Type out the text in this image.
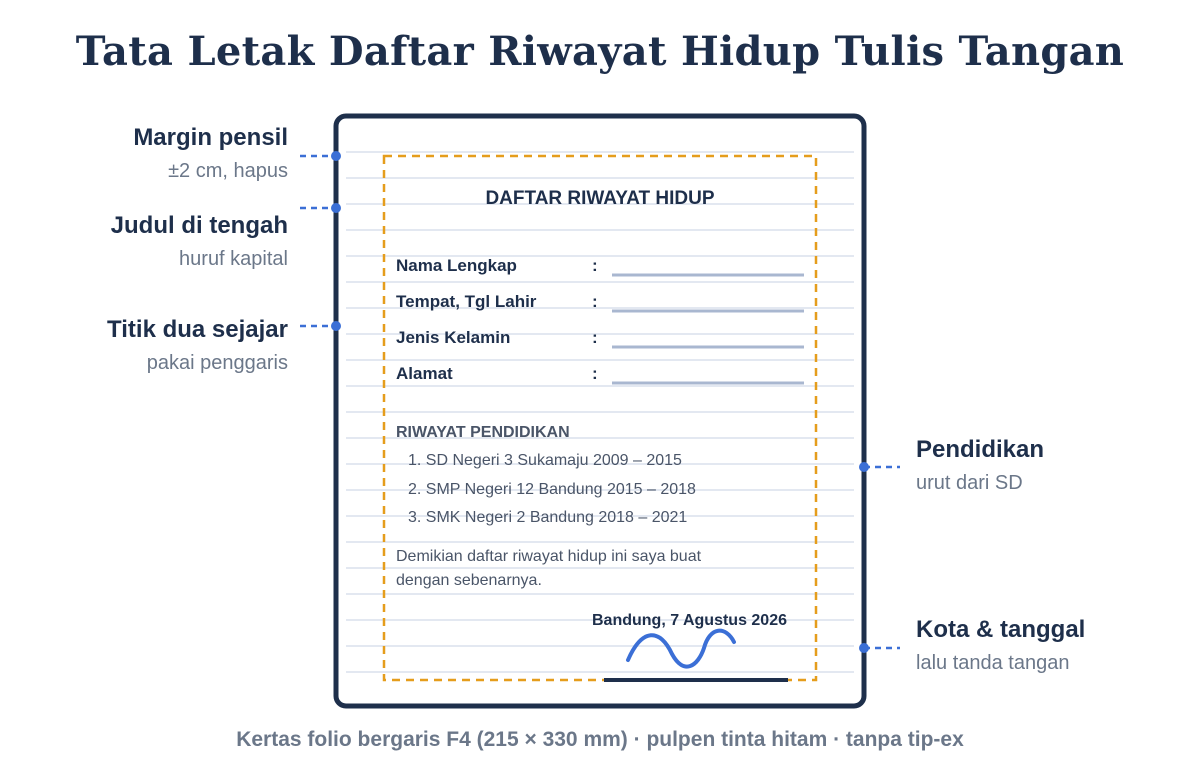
Tata Letak Daftar Riwayat Hidup Tulis Tangan
Margin pensil
±2 cm, hapus
Judul di tengah
huruf kapital
Titik dua sejajar
pakai penggaris
Pendidikan
urut dari SD
Kota & tanggal
lalu tanda tangan
DAFTAR RIWAYAT HIDUP
Nama Lengkap	:
Tempat, Tgl Lahir	:
Jenis Kelamin	:
Alamat	:
RIWAYAT PENDIDIKAN
1. SD Negeri 3 Sukamaju 2009 – 2015
2. SMP Negeri 12 Bandung 2015 – 2018
3. SMK Negeri 2 Bandung 2018 – 2021
Demikian daftar riwayat hidup ini saya buat
dengan sebenarnya.
Bandung, 7 Agustus 2026
Kertas folio bergaris F4 (215 × 330 mm) · pulpen tinta hitam · tanpa tip-ex
